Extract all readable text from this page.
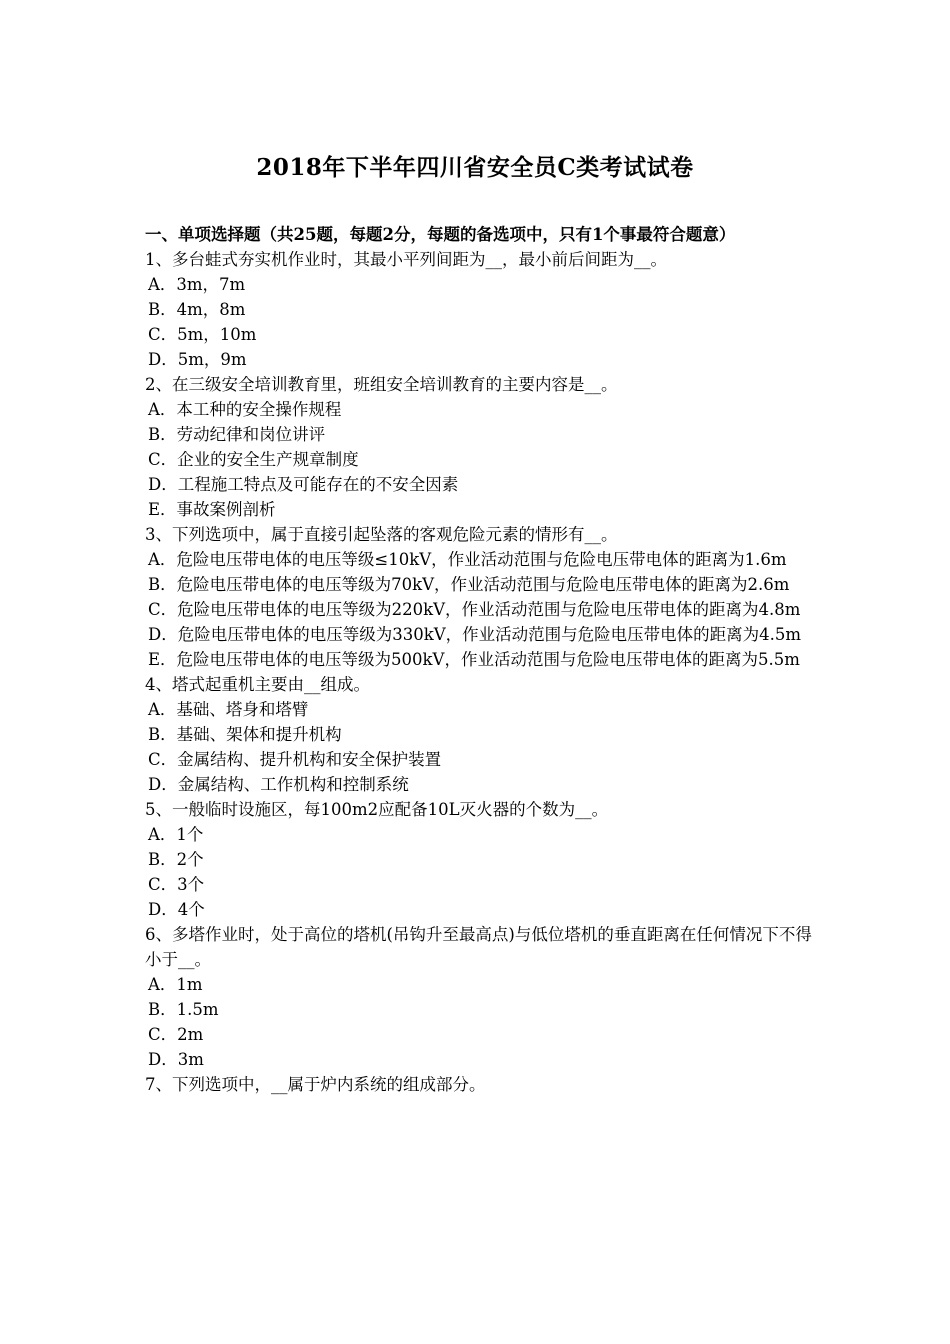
2018年下半年四川省安全员C类考试试卷
一、单项选择题（共25题，每题2分，每题的备选项中，只有1个事最符合题意）
1、多台蛙式夯实机作业时，其最小平列间距为__，最小前后间距为__。
A．3m，7m
B．4m，8m
C．5m，10m
D．5m，9m
2、在三级安全培训教育里，班组安全培训教育的主要内容是__。
A．本工种的安全操作规程
B．劳动纪律和岗位讲评
C．企业的安全生产规章制度
D．工程施工特点及可能存在的不安全因素
E．事故案例剖析
3、下列选项中，属于直接引起坠落的客观危险元素的情形有__。
A．危险电压带电体的电压等级≤10kV，作业活动范围与危险电压带电体的距离为1.6m
B．危险电压带电体的电压等级为70kV，作业活动范围与危险电压带电体的距离为2.6m
C．危险电压带电体的电压等级为220kV，作业活动范围与危险电压带电体的距离为4.8m
D．危险电压带电体的电压等级为330kV，作业活动范围与危险电压带电体的距离为4.5m
E．危险电压带电体的电压等级为500kV，作业活动范围与危险电压带电体的距离为5.5m
4、塔式起重机主要由__组成。
A．基础、塔身和塔臂
B．基础、架体和提升机构
C．金属结构、提升机构和安全保护装置
D．金属结构、工作机构和控制系统
5、一般临时设施区，每100m2应配备10L灭火器的个数为__。
A．1个
B．2个
C．3个
D．4个
6、多塔作业时，处于高位的塔机(吊钩升至最高点)与低位塔机的垂直距离在任何情况下不得小于__。
A．1m
B．1.5m
C．2m
D．3m
7、下列选项中，__属于炉内系统的组成部分。
